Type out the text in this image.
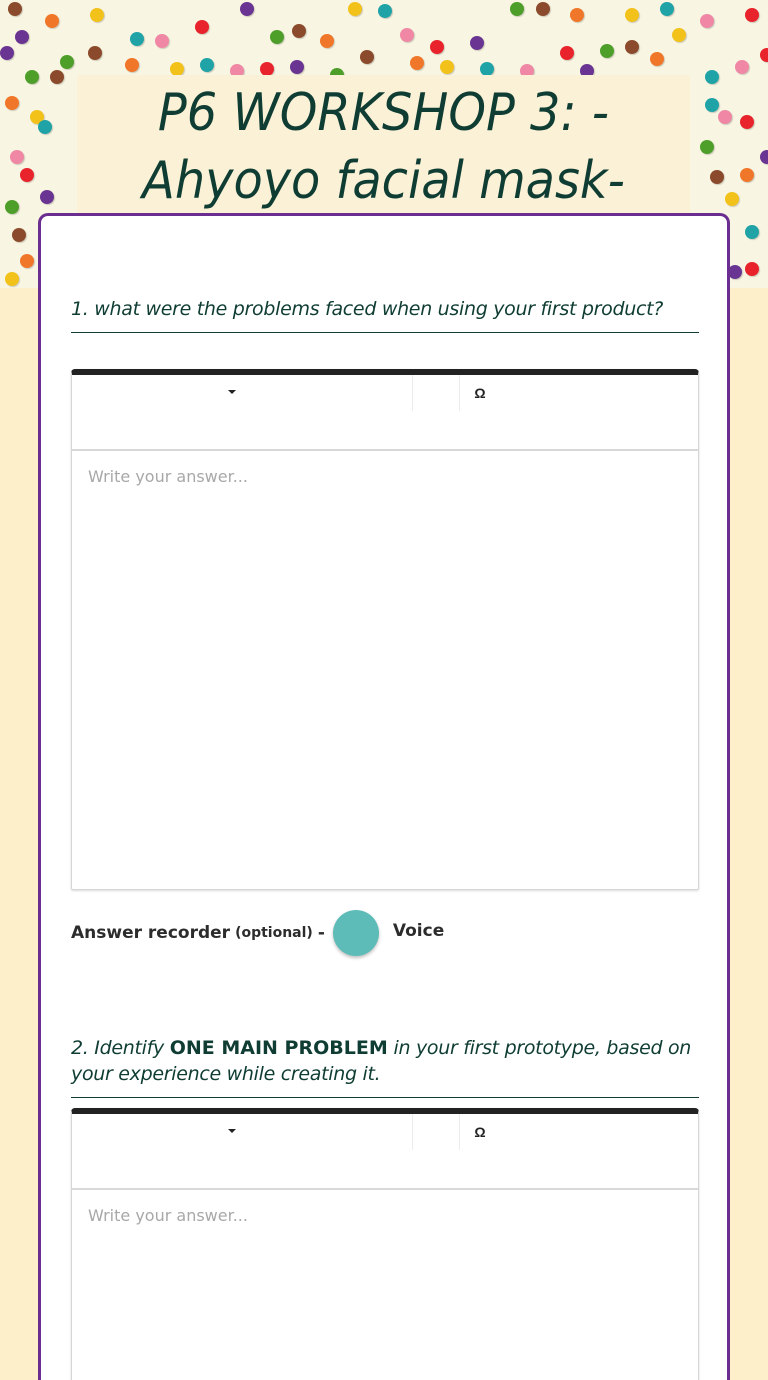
P6 WORKSHOP 3: - Ahyoyo facial mask-
1. what were the problems faced when using your first product?
Ω
Write your answer...
Answer recorder (optional) -	Voice
2. Identify ONE MAIN PROBLEM in your first prototype, based on your experience while creating it.
Ω
Write your answer...
